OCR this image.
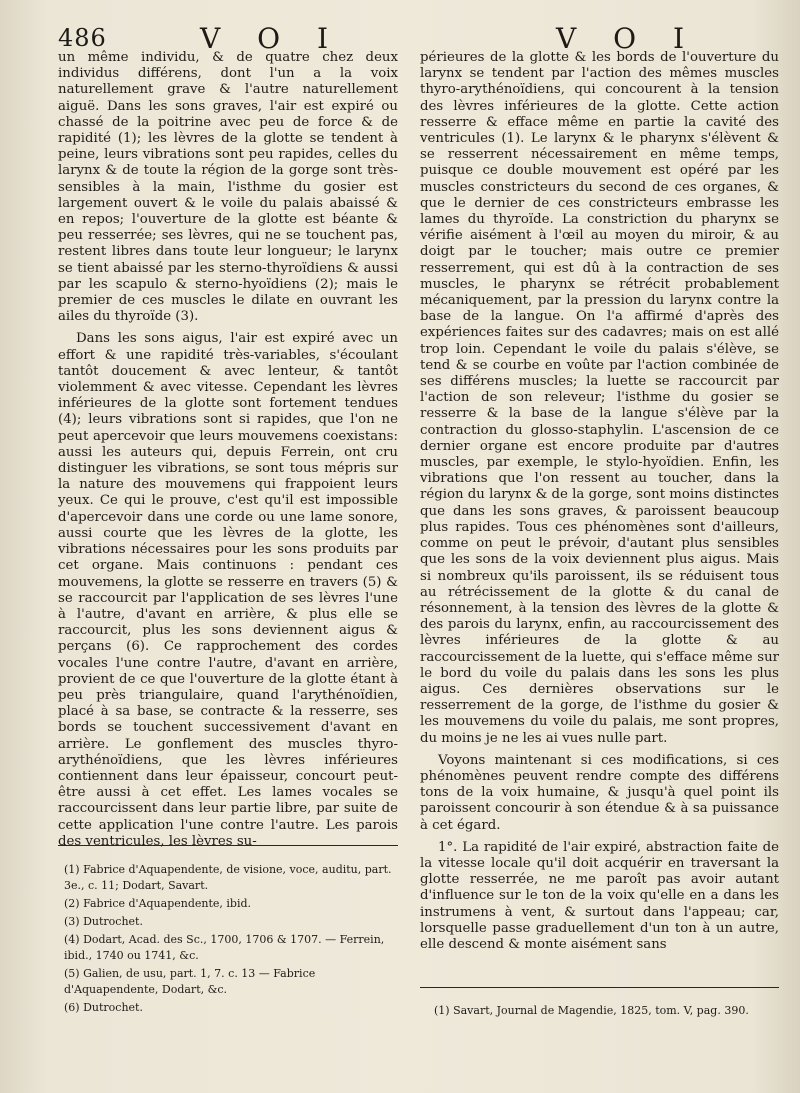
486	V O I	V O I

un même individu, & de quatre chez deux individus différens, dont l'un a la voix naturellement grave & l'autre naturellement aiguë. Dans les sons graves, l'air est expiré ou chassé de la poitrine avec peu de force & de rapidité (1); les lèvres de la glotte se tendent à peine, leurs vibrations sont peu rapides, celles du larynx & de toute la région de la gorge sont très-sensibles à la main, l'isthme du gosier est largement ouvert & le voile du palais abaissé & en repos; l'ouverture de la glotte est béante & peu resserrée; ses lèvres, qui ne se touchent pas, restent libres dans toute leur longueur; le larynx se tient abaissé par les sterno-thyroïdiens & aussi par les scapulo & sterno-hyoïdiens (2); mais le premier de ces muscles le dilate en ouvrant les ailes du thyroïde (3).

Dans les sons aigus, l'air est expiré avec un effort & une rapidité très-variables, s'écoulant tantôt doucement & avec lenteur, & tantôt violemment & avec vitesse. Cependant les lèvres inférieures de la glotte sont fortement tendues (4); leurs vibrations sont si rapides, que l'on ne peut apercevoir que leurs mouvemens coexistans: aussi les auteurs qui, depuis Ferrein, ont cru distinguer les vibrations, se sont tous mépris sur la nature des mouvemens qui frappoient leurs yeux. Ce qui le prouve, c'est qu'il est impossible d'apercevoir dans une corde ou une lame sonore, aussi courte que les lèvres de la glotte, les vibrations nécessaires pour les sons produits par cet organe. Mais continuons : pendant ces mouvemens, la glotte se resserre en travers (5) & se raccourcit par l'application de ses lèvres l'une à l'autre, d'avant en arrière, & plus elle se raccourcit, plus les sons deviennent aigus & perçans (6). Ce rapprochement des cordes vocales l'une contre l'autre, d'avant en arrière, provient de ce que l'ouverture de la glotte étant à peu près triangulaire, quand l'arythénoïdien, placé à sa base, se contracte & la resserre, ses bords se touchent successivement d'avant en arrière. Le gonflement des muscles thyro-arythénoïdiens, que les lèvres inférieures contiennent dans leur épaisseur, concourt peut-être aussi à cet effet. Les lames vocales se raccourcissent dans leur partie libre, par suite de cette application l'une contre l'autre. Les parois des ventricules, les lèvres su-

périeures de la glotte & les bords de l'ouverture du larynx se tendent par l'action des mêmes muscles thyro-arythénoïdiens, qui concourent à la tension des lèvres inférieures de la glotte. Cette action resserre & efface même en partie la cavité des ventricules (1). Le larynx & le pharynx s'élèvent & se resserrent nécessairement en même temps, puisque ce double mouvement est opéré par les muscles constricteurs du second de ces organes, & que le dernier de ces constricteurs embrasse les lames du thyroïde. La constriction du pharynx se vérifie aisément à l'œil au moyen du miroir, & au doigt par le toucher; mais outre ce premier resserrement, qui est dû à la contraction de ses muscles, le pharynx se rétrécit probablement mécaniquement, par la pression du larynx contre la base de la langue. On l'a affirmé d'après des expériences faites sur des cadavres; mais on est allé trop loin. Cependant le voile du palais s'élève, se tend & se courbe en voûte par l'action combinée de ses différens muscles; la luette se raccourcit par l'action de son releveur; l'isthme du gosier se resserre & la base de la langue s'élève par la contraction du glosso-staphylin. L'ascension de ce dernier organe est encore produite par d'autres muscles, par exemple, le stylo-hyoïdien. Enfin, les vibrations que l'on ressent au toucher, dans la région du larynx & de la gorge, sont moins distinctes que dans les sons graves, & paroissent beaucoup plus rapides. Tous ces phénomènes sont d'ailleurs, comme on peut le prévoir, d'autant plus sensibles que les sons de la voix deviennent plus aigus. Mais si nombreux qu'ils paroissent, ils se réduisent tous au rétrécissement de la glotte & du canal de résonnement, à la tension des lèvres de la glotte & des parois du larynx, enfin, au raccourcissement des lèvres inférieures de la glotte & au raccourcissement de la luette, qui s'efface même sur le bord du voile du palais dans les sons les plus aigus. Ces dernières observations sur le resserrement de la gorge, de l'isthme du gosier & les mouvemens du voile du palais, me sont propres, du moins je ne les ai vues nulle part.

Voyons maintenant si ces modifications, si ces phénomènes peuvent rendre compte des différens tons de la voix humaine, & jusqu'à quel point ils paroissent concourir à son étendue & à sa puissance à cet égard.

1°. La rapidité de l'air expiré, abstraction faite de la vitesse locale qu'il doit acquérir en traversant la glotte resserrée, ne me paroît pas avoir autant d'influence sur le ton de la voix qu'elle en a dans les instrumens à vent, & surtout dans l'appeau; car, lorsquelle passe graduellement d'un ton à un autre, elle descend & monte aisément sans

(1) Fabrice d'Aquapendente, de visione, voce, auditu, part. 3e., c. 11; Dodart, Savart.
(2) Fabrice d'Aquapendente, ibid.
(3) Dutrochet.
(4) Dodart, Acad. des Sc., 1700, 1706 & 1707. — Ferrein, ibid., 1740 ou 1741, &c.
(5) Galien, de usu, part. 1, 7. c. 13 — Fabrice d'Aquapendente, Dodart, &c.
(6) Dutrochet.	(1) Savart, Journal de Magendie, 1825, tom. V, pag. 390.
